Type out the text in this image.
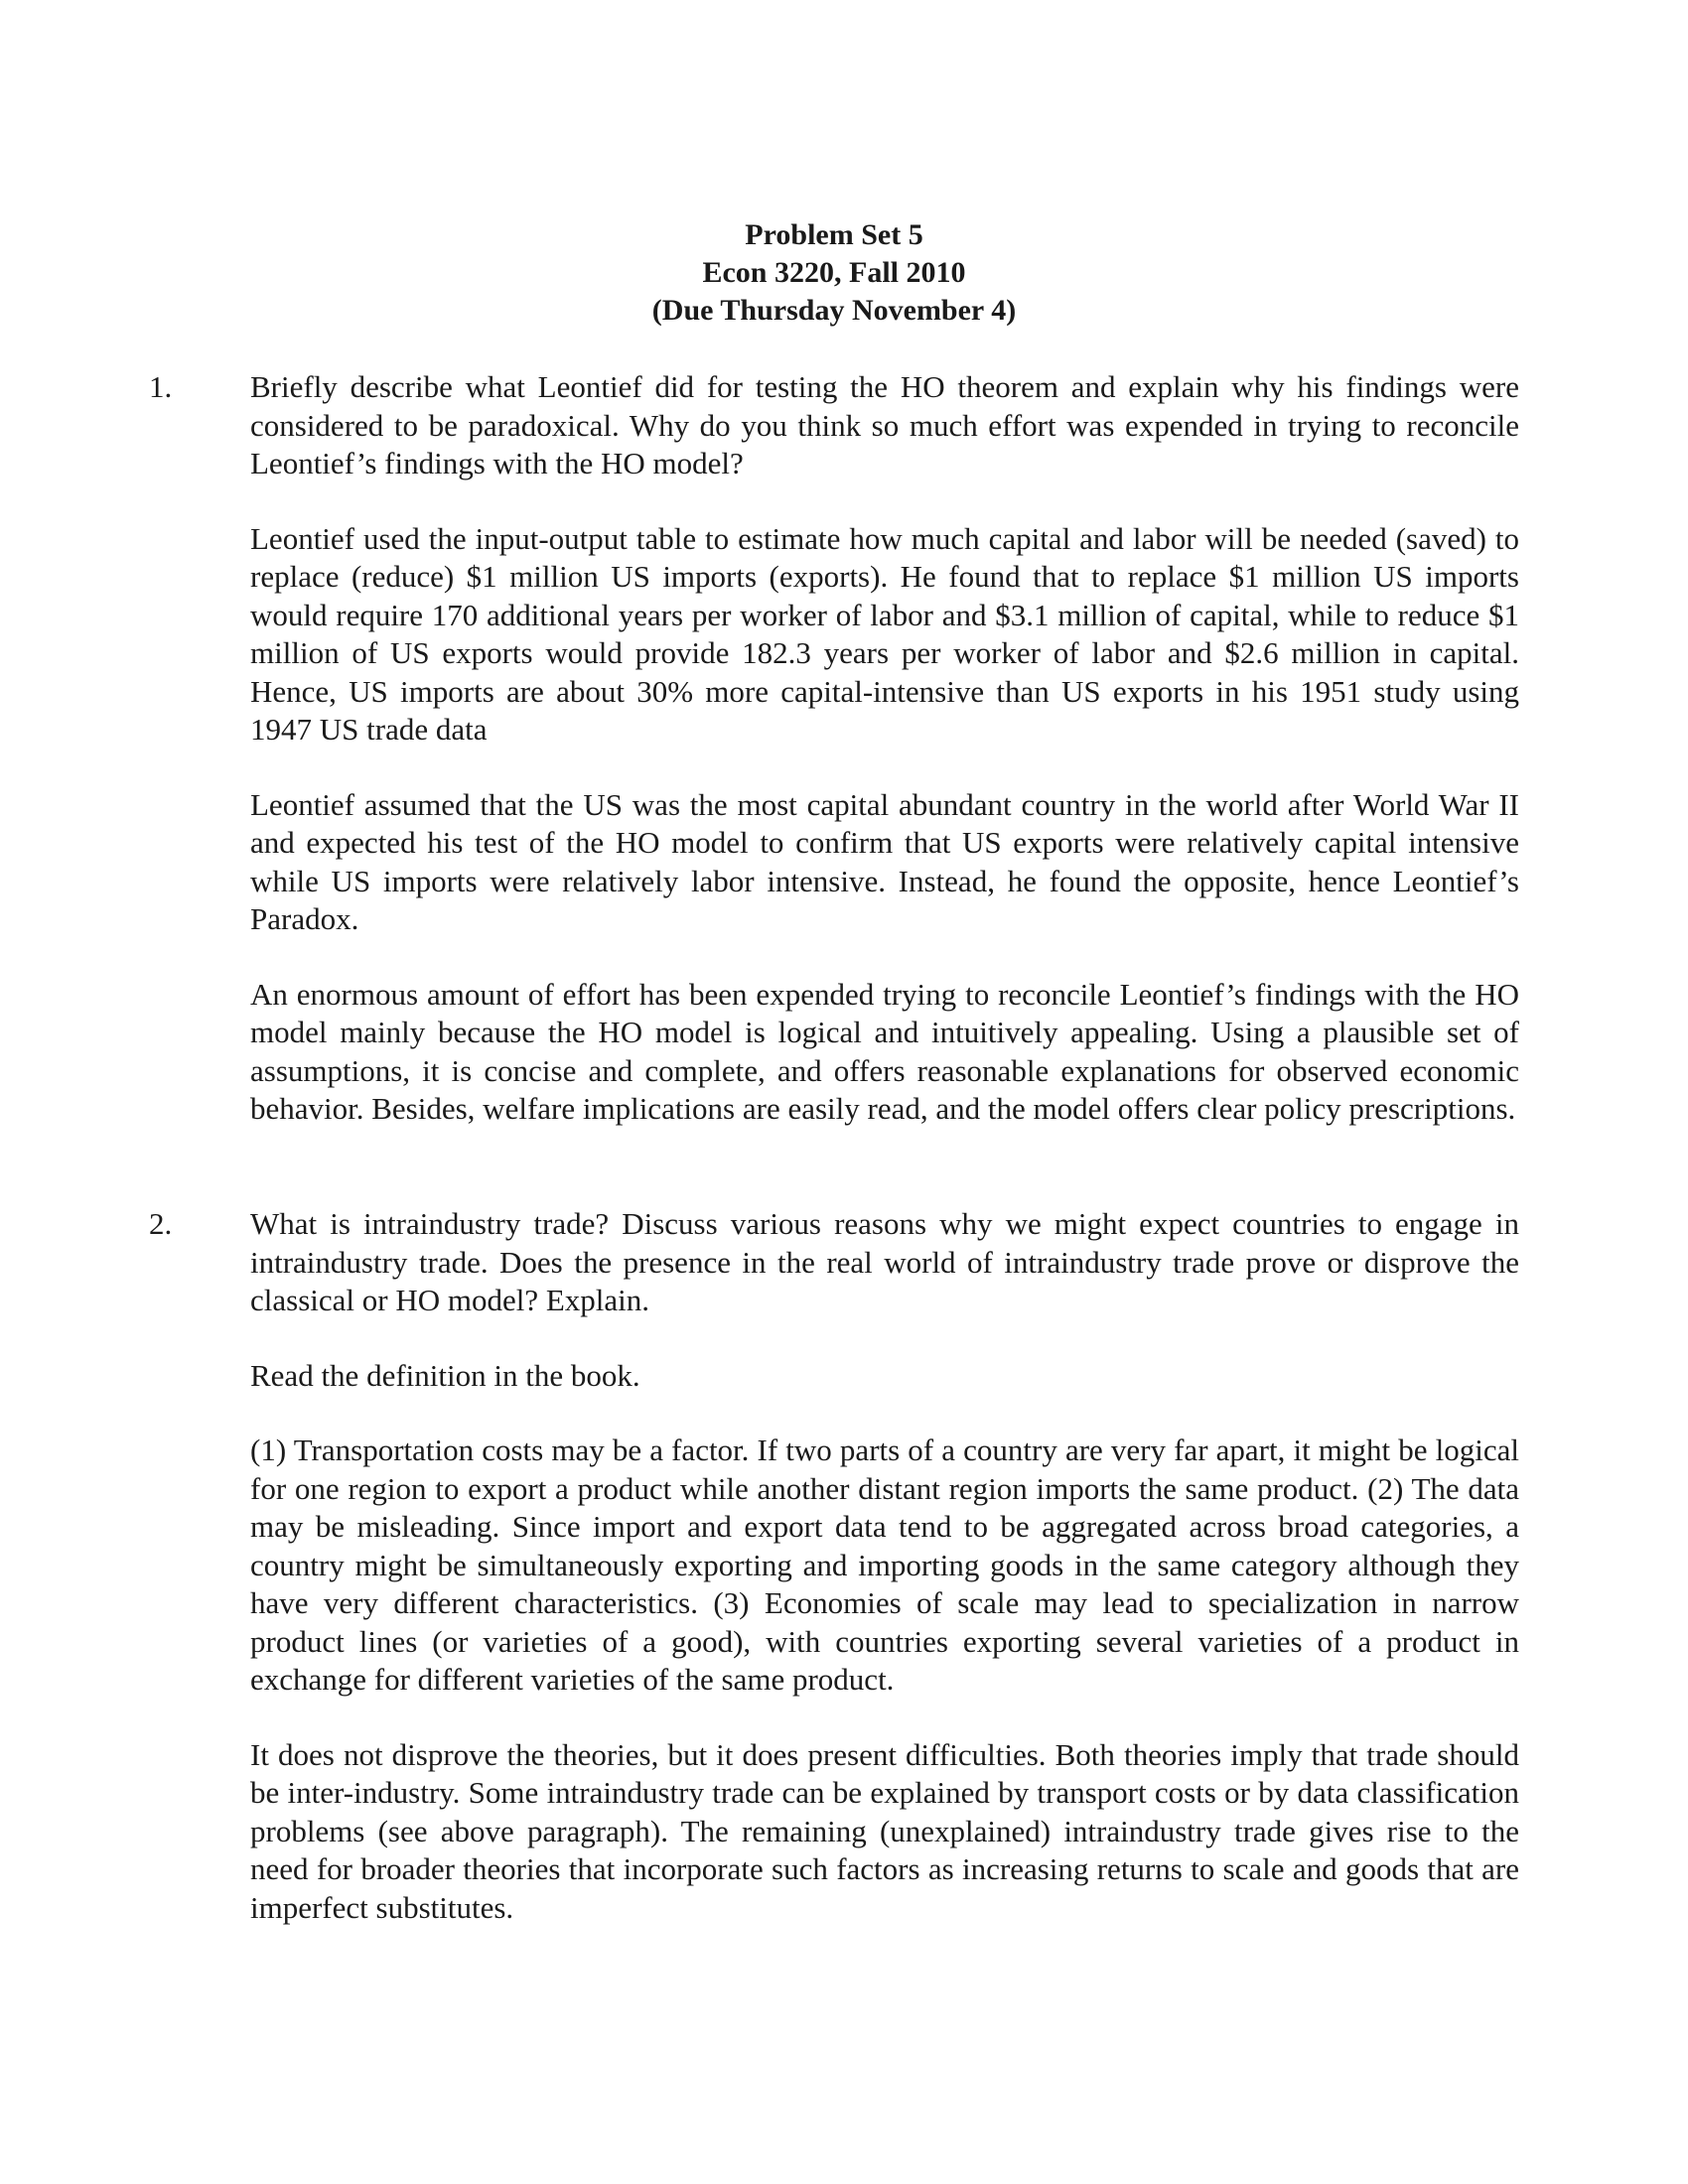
Problem Set 5
Econ 3220, Fall 2010
(Due Thursday November 4)
1.	Briefly describe what Leontief did for testing the HO theorem and explain why his findings were considered to be paradoxical. Why do you think so much effort was expended in trying to reconcile Leontief’s findings with the HO model?

Leontief used the input-output table to estimate how much capital and labor will be needed (saved) to replace (reduce) $1 million US imports (exports). He found that to replace $1 million US imports would require 170 additional years per worker of labor and $3.1 million of capital, while to reduce $1 million of US exports would provide 182.3 years per worker of labor and $2.6 million in capital. Hence, US imports are about 30% more capital-intensive than US exports in his 1951 study using 1947 US trade data

Leontief assumed that the US was the most capital abundant country in the world after World War II and expected his test of the HO model to confirm that US exports were relatively capital intensive while US imports were relatively labor intensive. Instead, he found the opposite, hence Leontief’s Paradox.

An enormous amount of effort has been expended trying to reconcile Leontief’s findings with the HO model mainly because the HO model is logical and intuitively appealing. Using a plausible set of assumptions, it is concise and complete, and offers reasonable explanations for observed economic behavior. Besides, welfare implications are easily read, and the model offers clear policy prescriptions.

2.	What is intraindustry trade? Discuss various reasons why we might expect countries to engage in intraindustry trade. Does the presence in the real world of intraindustry trade prove or disprove the classical or HO model? Explain.

Read the definition in the book.

(1) Transportation costs may be a factor. If two parts of a country are very far apart, it might be logical for one region to export a product while another distant region imports the same product. (2) The data may be misleading. Since import and export data tend to be aggregated across broad categories, a country might be simultaneously exporting and importing goods in the same category although they have very different characteristics. (3) Economies of scale may lead to specialization in narrow product lines (or varieties of a good), with countries exporting several varieties of a product in exchange for different varieties of the same product.

It does not disprove the theories, but it does present difficulties. Both theories imply that trade should be inter-industry. Some intraindustry trade can be explained by transport costs or by data classification problems (see above paragraph). The remaining (unexplained) intraindustry trade gives rise to the need for broader theories that incorporate such factors as increasing returns to scale and goods that are imperfect substitutes.
